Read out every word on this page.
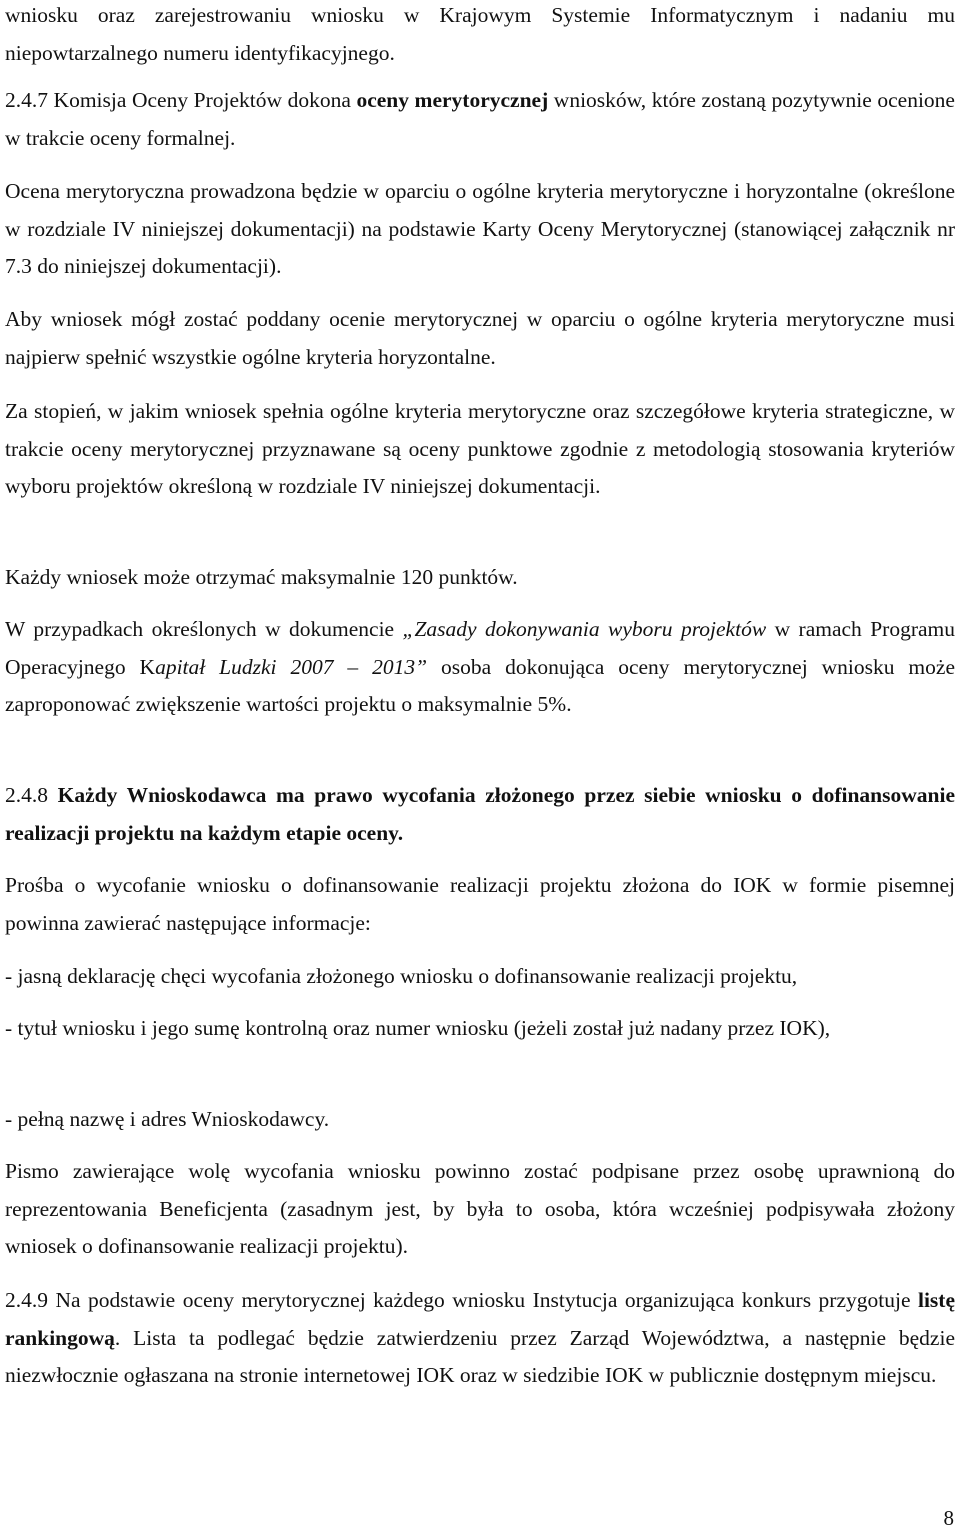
wniosku oraz zarejestrowaniu wniosku w Krajowym Systemie Informatycznym i nadaniu mu niepowtarzalnego numeru identyfikacyjnego.

2.4.7 Komisja Oceny Projektów dokona oceny merytorycznej wniosków, które zostaną pozytywnie ocenione w trakcie oceny formalnej.

Ocena merytoryczna prowadzona będzie w oparciu o ogólne kryteria merytoryczne i horyzontalne (określone w rozdziale IV niniejszej dokumentacji) na podstawie Karty Oceny Merytorycznej (stanowiącej załącznik nr 7.3 do niniejszej dokumentacji).

Aby wniosek mógł zostać poddany ocenie merytorycznej w oparciu o ogólne kryteria merytoryczne musi najpierw spełnić wszystkie ogólne kryteria horyzontalne.

Za stopień, w jakim wniosek spełnia ogólne kryteria merytoryczne oraz szczegółowe kryteria strategiczne, w trakcie oceny merytorycznej przyznawane są oceny punktowe zgodnie z metodologią stosowania kryteriów wyboru projektów określoną w rozdziale IV niniejszej dokumentacji.

Każdy wniosek może otrzymać maksymalnie 120 punktów.

W przypadkach określonych w dokumencie „Zasady dokonywania wyboru projektów w ramach Programu Operacyjnego Kapitał Ludzki 2007 – 2013” osoba dokonująca oceny merytorycznej wniosku może zaproponować zwiększenie wartości projektu o maksymalnie 5%.

2.4.8 Każdy Wnioskodawca ma prawo wycofania złożonego przez siebie wniosku o dofinansowanie realizacji projektu na każdym etapie oceny.

Prośba o wycofanie wniosku o dofinansowanie realizacji projektu złożona do IOK w formie pisemnej powinna zawierać następujące informacje:

- jasną deklarację chęci wycofania złożonego wniosku o dofinansowanie realizacji projektu,

- tytuł wniosku i jego sumę kontrolną oraz numer wniosku (jeżeli został już nadany przez IOK),

- pełną nazwę i adres Wnioskodawcy.

Pismo zawierające wolę wycofania wniosku powinno zostać podpisane przez osobę uprawnioną do reprezentowania Beneficjenta (zasadnym jest, by była to osoba, która wcześniej podpisywała złożony wniosek o dofinansowanie realizacji projektu).

2.4.9 Na podstawie oceny merytorycznej każdego wniosku Instytucja organizująca konkurs przygotuje listę rankingową. Lista ta podlegać będzie zatwierdzeniu przez Zarząd Województwa, a następnie będzie niezwłocznie ogłaszana na stronie internetowej IOK oraz w siedzibie IOK w publicznie dostępnym miejscu.

8
